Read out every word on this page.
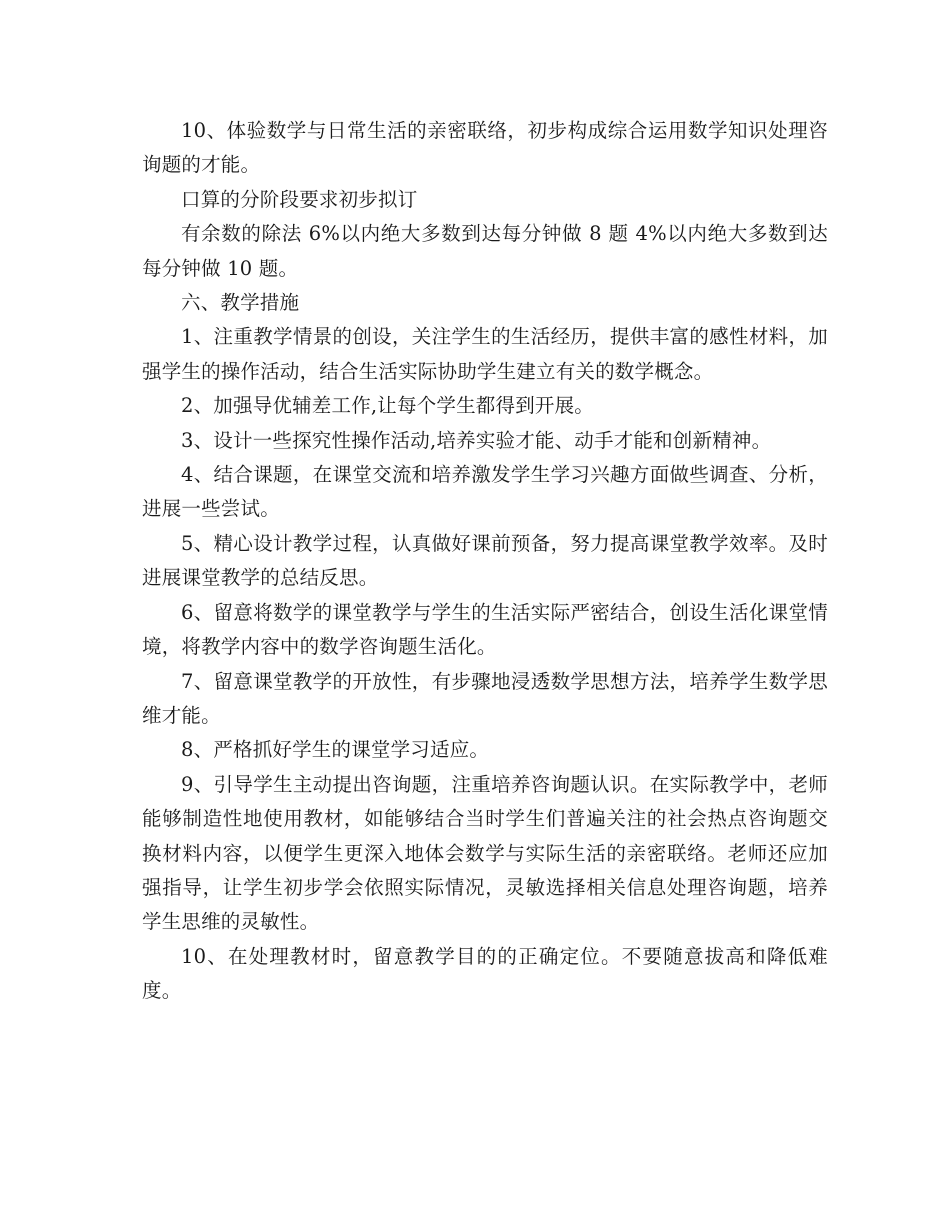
10、体验数学与日常生活的亲密联络，初步构成综合运用数学知识处理咨询题的才能。

口算的分阶段要求初步拟订

有余数的除法 6%以内绝大多数到达每分钟做 8 题 4%以内绝大多数到达每分钟做 10 题。

六、教学措施

1、注重教学情景的创设，关注学生的生活经历，提供丰富的感性材料，加强学生的操作活动，结合生活实际协助学生建立有关的数学概念。

2、加强导优辅差工作,让每个学生都得到开展。

3、设计一些探究性操作活动,培养实验才能、动手才能和创新精神。

4、结合课题，在课堂交流和培养激发学生学习兴趣方面做些调查、分析，进展一些尝试。

5、精心设计教学过程，认真做好课前预备，努力提高课堂教学效率。及时进展课堂教学的总结反思。

6、留意将数学的课堂教学与学生的生活实际严密结合，创设生活化课堂情境，将教学内容中的数学咨询题生活化。

7、留意课堂教学的开放性，有步骤地浸透数学思想方法，培养学生数学思维才能。

8、严格抓好学生的课堂学习适应。

9、引导学生主动提出咨询题，注重培养咨询题认识。在实际教学中，老师能够制造性地使用教材，如能够结合当时学生们普遍关注的社会热点咨询题交换材料内容，以便学生更深入地体会数学与实际生活的亲密联络。老师还应加强指导，让学生初步学会依照实际情况，灵敏选择相关信息处理咨询题，培养学生思维的灵敏性。

10、在处理教材时，留意教学目的的正确定位。不要随意拔高和降低难度。
